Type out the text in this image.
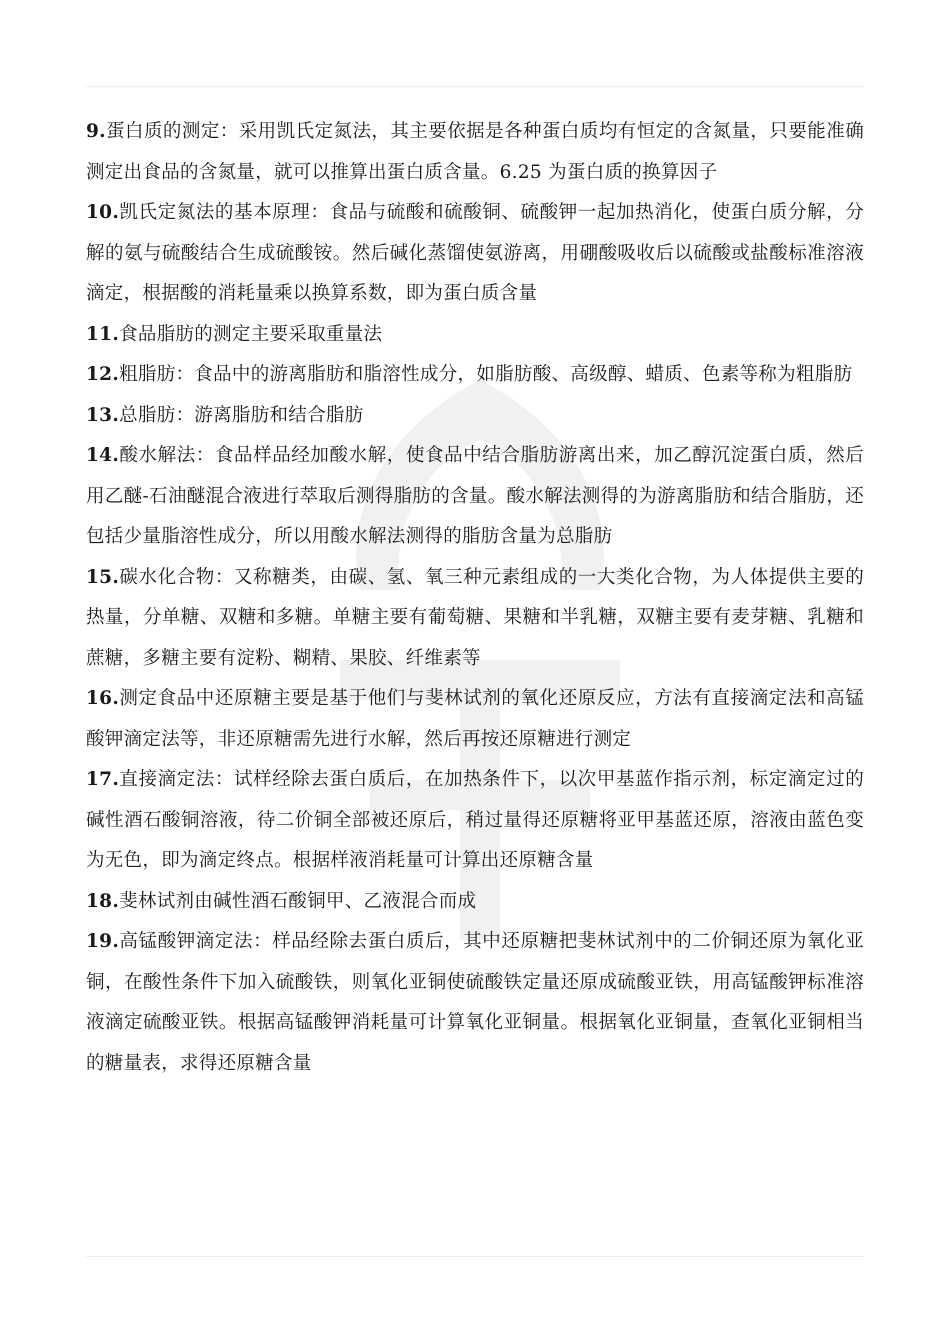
9.蛋白质的测定：采用凯氏定氮法，其主要依据是各种蛋白质均有恒定的含氮量，只要能准确测定出食品的含氮量，就可以推算出蛋白质含量。6.25 为蛋白质的换算因子

10.凯氏定氮法的基本原理：食品与硫酸和硫酸铜、硫酸钾一起加热消化，使蛋白质分解，分解的氨与硫酸结合生成硫酸铵。然后碱化蒸馏使氨游离，用硼酸吸收后以硫酸或盐酸标准溶液滴定，根据酸的消耗量乘以换算系数，即为蛋白质含量

11.食品脂肪的测定主要采取重量法

12.粗脂肪：食品中的游离脂肪和脂溶性成分，如脂肪酸、高级醇、蜡质、色素等称为粗脂肪

13.总脂肪：游离脂肪和结合脂肪

14.酸水解法：食品样品经加酸水解，使食品中结合脂肪游离出来，加乙醇沉淀蛋白质，然后用乙醚-石油醚混合液进行萃取后测得脂肪的含量。酸水解法测得的为游离脂肪和结合脂肪，还包括少量脂溶性成分，所以用酸水解法测得的脂肪含量为总脂肪

15.碳水化合物：又称糖类，由碳、氢、氧三种元素组成的一大类化合物，为人体提供主要的热量，分单糖、双糖和多糖。单糖主要有葡萄糖、果糖和半乳糖，双糖主要有麦芽糖、乳糖和蔗糖，多糖主要有淀粉、糊精、果胶、纤维素等

16.测定食品中还原糖主要是基于他们与斐林试剂的氧化还原反应，方法有直接滴定法和高锰酸钾滴定法等，非还原糖需先进行水解，然后再按还原糖进行测定

17.直接滴定法：试样经除去蛋白质后，在加热条件下，以次甲基蓝作指示剂，标定滴定过的碱性酒石酸铜溶液，待二价铜全部被还原后，稍过量得还原糖将亚甲基蓝还原，溶液由蓝色变为无色，即为滴定终点。根据样液消耗量可计算出还原糖含量

18.斐林试剂由碱性酒石酸铜甲、乙液混合而成

19.高锰酸钾滴定法：样品经除去蛋白质后，其中还原糖把斐林试剂中的二价铜还原为氧化亚铜，在酸性条件下加入硫酸铁，则氧化亚铜使硫酸铁定量还原成硫酸亚铁，用高锰酸钾标准溶液滴定硫酸亚铁。根据高锰酸钾消耗量可计算氧化亚铜量。根据氧化亚铜量，查氧化亚铜相当的糖量表，求得还原糖含量
